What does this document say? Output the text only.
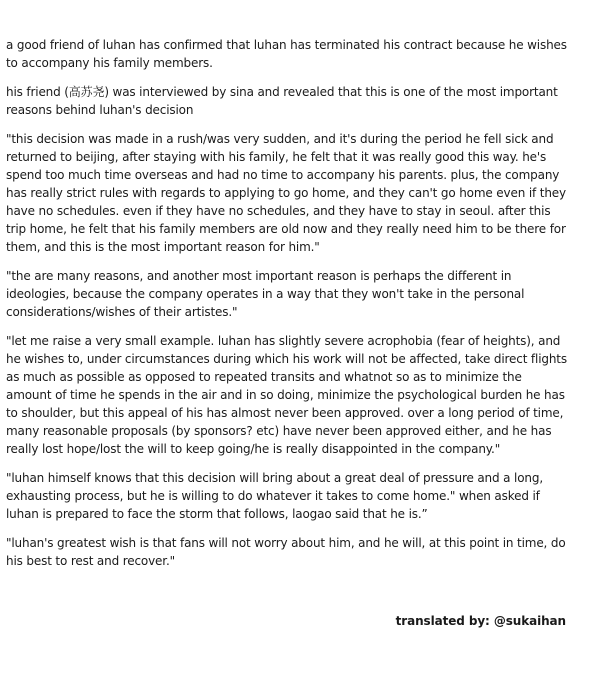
a good friend of luhan has confirmed that luhan has terminated his contract because he wishes to accompany his family members.

his friend (高苏尧) was interviewed by sina and revealed that this is one of the most important reasons behind luhan's decision

"this decision was made in a rush/was very sudden, and it's during the period he fell sick and returned to beijing, after staying with his family, he felt that it was really good this way. he's spend too much time overseas and had no time to accompany his parents. plus, the company has really strict rules with regards to applying to go home, and they can't go home even if they have no schedules. even if they have no schedules, and they have to stay in seoul. after this trip home, he felt that his family members are old now and they really need him to be there for them, and this is the most important reason for him."

"the are many reasons, and another most important reason is perhaps the different in ideologies, because the company operates in a way that they won't take in the personal considerations/wishes of their artistes."

"let me raise a very small example. luhan has slightly severe acrophobia (fear of heights), and he wishes to, under circumstances during which his work will not be affected, take direct flights as much as possible as opposed to repeated transits and whatnot so as to minimize the amount of time he spends in the air and in so doing, minimize the psychological burden he has to shoulder, but this appeal of his has almost never been approved. over a long period of time, many reasonable proposals (by sponsors? etc) have never been approved either, and he has really lost hope/lost the will to keep going/he is really disappointed in the company."

"luhan himself knows that this decision will bring about a great deal of pressure and a long, exhausting process, but he is willing to do whatever it takes to come home." when asked if luhan is prepared to face the storm that follows, laogao said that he is.”

"luhan's greatest wish is that fans will not worry about him, and he will, at this point in time, do his best to rest and recover."

translated by: @sukaihan
